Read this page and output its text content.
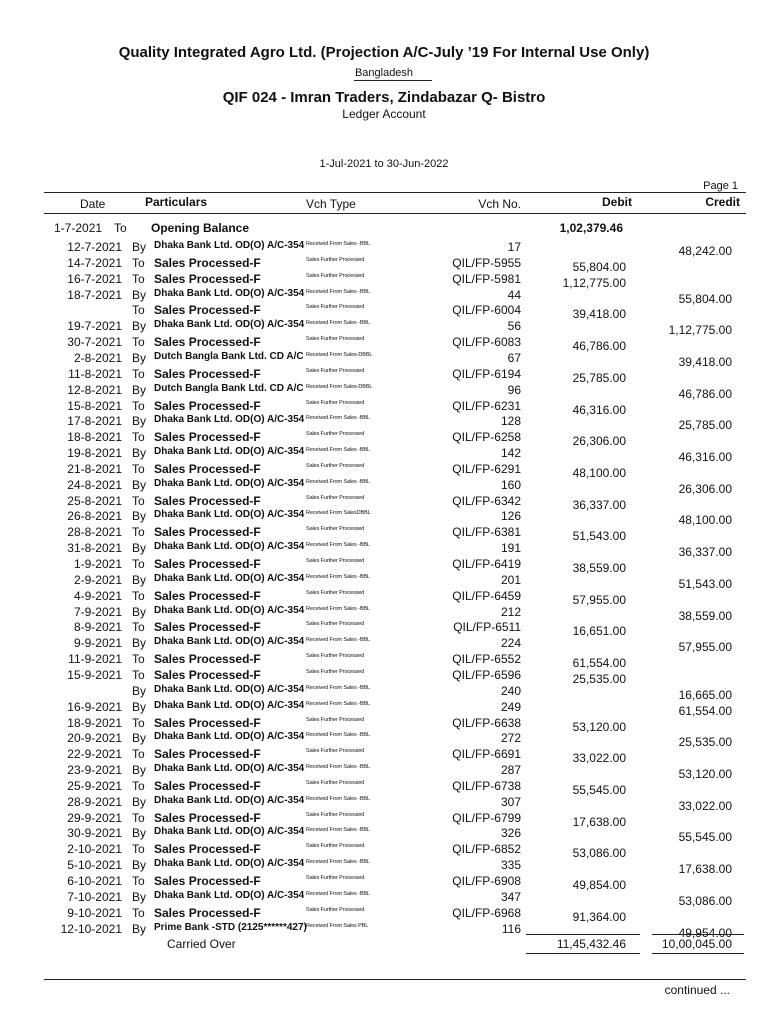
Quality Integrated Agro Ltd. (Projection A/C-July ’19 For Internal Use Only)
Bangladesh
QIF 024 - Imran Traders, Zindabazar Q- Bistro
Ledger Account
1-Jul-2021 to 30-Jun-2022
Page 1
Date	Particulars	Vch Type	Vch No.	Debit	Credit
1-7-2021 To Opening Balance	1,02,379.46
12-7-2021 By Dhaka Bank Ltd. OD(O) A/C-354 Received From Sales -BBL	17	48,242.00
14-7-2021 To Sales Processed-F	Sales Further Processed	QIL/FP-5955	55,804.00
16-7-2021 To Sales Processed-F	Sales Further Processed	QIL/FP-5981	1,12,775.00
18-7-2021 By Dhaka Bank Ltd. OD(O) A/C-354 Received From Sales -BBL	44	55,804.00
To Sales Processed-F	Sales Further Processed	QIL/FP-6004	39,418.00
19-7-2021 By Dhaka Bank Ltd. OD(O) A/C-354 Received From Sales -BBL	56	1,12,775.00
30-7-2021 To Sales Processed-F	Sales Further Processed	QIL/FP-6083	46,786.00
2-8-2021 By Dutch Bangla Bank Ltd. CD A/C Received From Sales-DBBL	67	39,418.00
11-8-2021 To Sales Processed-F	Sales Further Processed	QIL/FP-6194	25,785.00
12-8-2021 By Dutch Bangla Bank Ltd. CD A/C Received From Sales-DBBL	96	46,786.00
15-8-2021 To Sales Processed-F	Sales Further Processed	QIL/FP-6231	46,316.00
17-8-2021 By Dhaka Bank Ltd. OD(O) A/C-354 Received From Sales -BBL	128	25,785.00
18-8-2021 To Sales Processed-F	Sales Further Processed	QIL/FP-6258	26,306.00
19-8-2021 By Dhaka Bank Ltd. OD(O) A/C-354 Received From Sales -BBL	142	46,316.00
21-8-2021 To Sales Processed-F	Sales Further Processed	QIL/FP-6291	48,100.00
24-8-2021 By Dhaka Bank Ltd. OD(O) A/C-354 Received From Sales -BBL	160	26,306.00
25-8-2021 To Sales Processed-F	Sales Further Processed	QIL/FP-6342	36,337.00
26-8-2021 By Dhaka Bank Ltd. OD(O) A/C-354 Received From SalesDBBL	126	48,100.00
28-8-2021 To Sales Processed-F	Sales Further Processed	QIL/FP-6381	51,543.00
31-8-2021 By Dhaka Bank Ltd. OD(O) A/C-354 Received From Sales -BBL	191	36,337.00
1-9-2021 To Sales Processed-F	Sales Further Processed	QIL/FP-6419	38,559.00
2-9-2021 By Dhaka Bank Ltd. OD(O) A/C-354 Received From Sales -BBL	201	51,543.00
4-9-2021 To Sales Processed-F	Sales Further Processed	QIL/FP-6459	57,955.00
7-9-2021 By Dhaka Bank Ltd. OD(O) A/C-354 Received From Sales -BBL	212	38,559.00
8-9-2021 To Sales Processed-F	Sales Further Processed	QIL/FP-6511	16,651.00
9-9-2021 By Dhaka Bank Ltd. OD(O) A/C-354 Received From Sales -BBL	224	57,955.00
11-9-2021 To Sales Processed-F	Sales Further Processed	QIL/FP-6552	61,554.00
15-9-2021 To Sales Processed-F	Sales Further Processed	QIL/FP-6596	25,535.00
By Dhaka Bank Ltd. OD(O) A/C-354 Received From Sales -BBL	240	16,665.00
16-9-2021 By Dhaka Bank Ltd. OD(O) A/C-354 Received From Sales -BBL	249	61,554.00
18-9-2021 To Sales Processed-F	Sales Further Processed	QIL/FP-6638	53,120.00
20-9-2021 By Dhaka Bank Ltd. OD(O) A/C-354 Received From Sales -BBL	272	25,535.00
22-9-2021 To Sales Processed-F	Sales Further Processed	QIL/FP-6691	33,022.00
23-9-2021 By Dhaka Bank Ltd. OD(O) A/C-354 Received From Sales -BBL	287	53,120.00
25-9-2021 To Sales Processed-F	Sales Further Processed	QIL/FP-6738	55,545.00
28-9-2021 By Dhaka Bank Ltd. OD(O) A/C-354 Received From Sales -BBL	307	33,022.00
29-9-2021 To Sales Processed-F	Sales Further Processed	QIL/FP-6799	17,638.00
30-9-2021 By Dhaka Bank Ltd. OD(O) A/C-354 Received From Sales -BBL	326	55,545.00
2-10-2021 To Sales Processed-F	Sales Further Processed	QIL/FP-6852	53,086.00
5-10-2021 By Dhaka Bank Ltd. OD(O) A/C-354 Received From Sales -BBL	335	17,638.00
6-10-2021 To Sales Processed-F	Sales Further Processed	QIL/FP-6908	49,854.00
7-10-2021 By Dhaka Bank Ltd. OD(O) A/C-354 Received From Sales -BBL	347	53,086.00
9-10-2021 To Sales Processed-F	Sales Further Processed	QIL/FP-6968	91,364.00
12-10-2021 By Prime Bank -STD (2125******427) Received From Sales PBL	116	49,954.00
Carried Over	11,45,432.46	10,00,045.00
continued ...
